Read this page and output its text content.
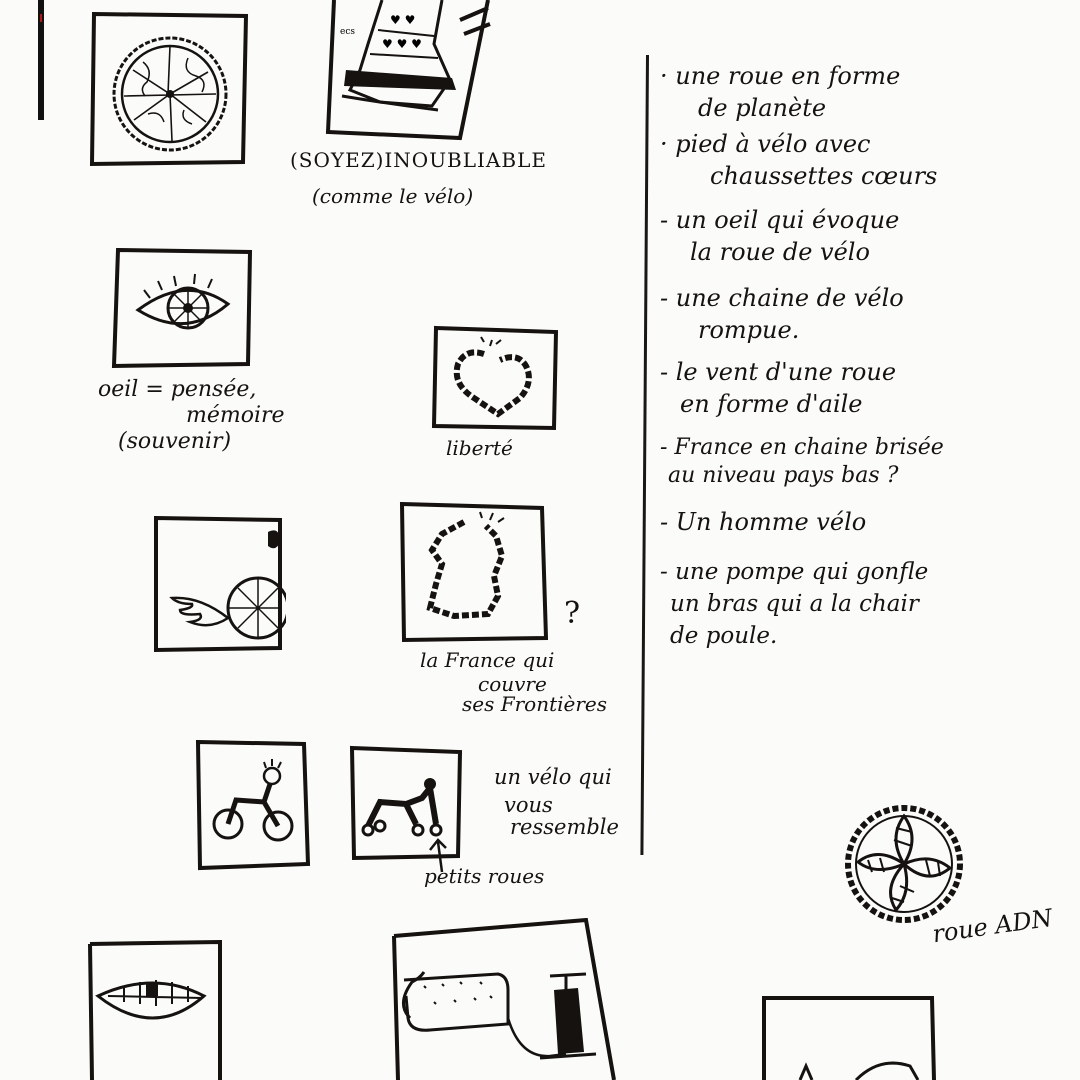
♥ ♥
♥ ♥ ♥
ecs
(SOYEZ)INOUBLIABLE
(comme le vélo)
oeil = pensée,
mémoire
(souvenir)	liberté
?
la France qui
couvre
ses Frontières
un vélo qui
vous
ressemble
petits roues
roue ADN
· une roue en forme
de planète
· pied à vélo avec
chaussettes cœurs
- un oeil qui évoque
la roue de vélo
- une chaine de vélo
rompue.
- le vent d'une roue
en forme d'aile
- France en chaine brisée
au niveau pays bas ?
- Un homme vélo
- une pompe qui gonfle
un bras qui a la chair
de poule.
